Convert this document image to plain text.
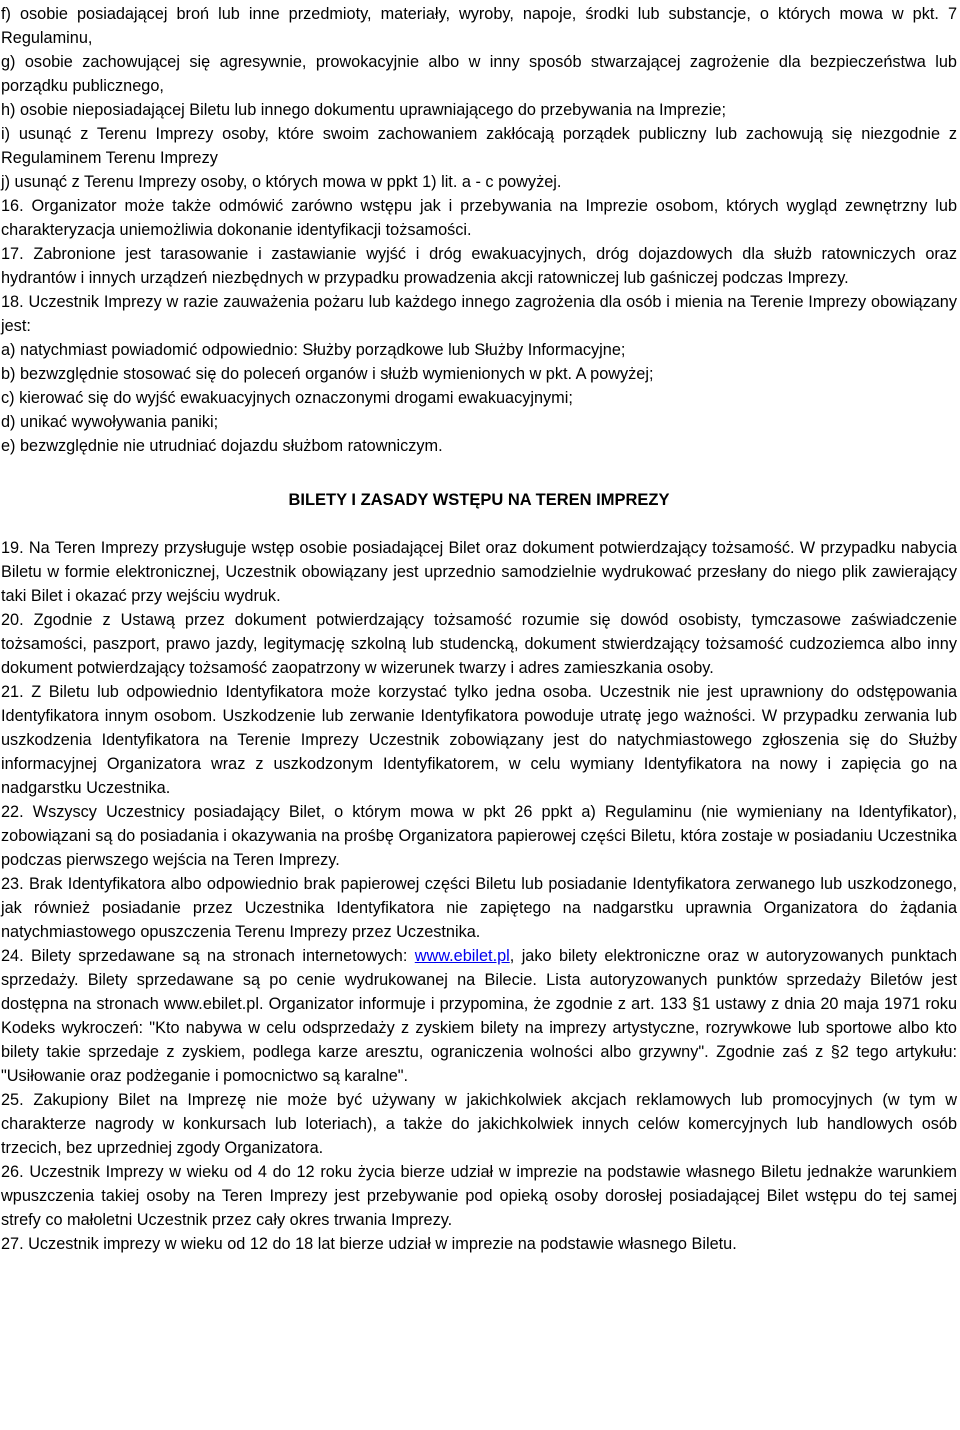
f) osobie posiadającej broń lub inne przedmioty, materiały, wyroby, napoje, środki lub substancje, o których mowa w pkt. 7 Regulaminu,

g) osobie zachowującej się agresywnie, prowokacyjnie albo w inny sposób stwarzającej zagrożenie dla bezpieczeństwa lub porządku publicznego,

h) osobie nieposiadającej Biletu lub innego dokumentu uprawniającego do przebywania na Imprezie;

i) usunąć z Terenu Imprezy osoby, które swoim zachowaniem zakłócają porządek publiczny lub zachowują się niezgodnie z Regulaminem Terenu Imprezy

j) usunąć z Terenu Imprezy osoby, o których mowa w ppkt 1) lit. a - c powyżej.

16. Organizator może także odmówić zarówno wstępu jak i przebywania na Imprezie osobom, których wygląd zewnętrzny lub charakteryzacja uniemożliwia dokonanie identyfikacji tożsamości.

17. Zabronione jest tarasowanie i zastawianie wyjść i dróg ewakuacyjnych, dróg dojazdowych dla służb ratowniczych oraz hydrantów i innych urządzeń niezbędnych w przypadku prowadzenia akcji ratowniczej lub gaśniczej podczas Imprezy.

18. Uczestnik Imprezy w razie zauważenia pożaru lub każdego innego zagrożenia dla osób i mienia na Terenie Imprezy obowiązany jest:

a) natychmiast powiadomić odpowiednio: Służby porządkowe lub Służby Informacyjne;

b) bezwzględnie stosować się do poleceń organów i służb wymienionych w pkt. A powyżej;

c) kierować się do wyjść ewakuacyjnych oznaczonymi drogami ewakuacyjnymi;

d) unikać wywoływania paniki;

e) bezwzględnie nie utrudniać dojazdu służbom ratowniczym.

BILETY I ZASADY WSTĘPU NA TEREN IMPREZY

19. Na Teren Imprezy przysługuje wstęp osobie posiadającej Bilet oraz dokument potwierdzający tożsamość. W przypadku nabycia Biletu w formie elektronicznej, Uczestnik obowiązany jest uprzednio samodzielnie wydrukować przesłany do niego plik zawierający taki Bilet i okazać przy wejściu wydruk.

20. Zgodnie z Ustawą przez dokument potwierdzający tożsamość rozumie się dowód osobisty, tymczasowe zaświadczenie tożsamości, paszport, prawo jazdy, legitymację szkolną lub studencką, dokument stwierdzający tożsamość cudzoziemca albo inny dokument potwierdzający tożsamość zaopatrzony w wizerunek twarzy i adres zamieszkania osoby.

21. Z Biletu lub odpowiednio Identyfikatora może korzystać tylko jedna osoba. Uczestnik nie jest uprawniony do odstępowania Identyfikatora innym osobom. Uszkodzenie lub zerwanie Identyfikatora powoduje utratę jego ważności. W przypadku zerwania lub uszkodzenia Identyfikatora na Terenie Imprezy Uczestnik zobowiązany jest do natychmiastowego zgłoszenia się do Służby informacyjnej Organizatora wraz z uszkodzonym Identyfikatorem, w celu wymiany Identyfikatora na nowy i zapięcia go na nadgarstku Uczestnika.

22. Wszyscy Uczestnicy posiadający Bilet, o którym mowa w pkt 26 ppkt a) Regulaminu (nie wymieniany na Identyfikator), zobowiązani są do posiadania i okazywania na prośbę Organizatora papierowej części Biletu, która zostaje w posiadaniu Uczestnika podczas pierwszego wejścia na Teren Imprezy.

23. Brak Identyfikatora albo odpowiednio brak papierowej części Biletu lub posiadanie Identyfikatora zerwanego lub uszkodzonego, jak również posiadanie przez Uczestnika Identyfikatora nie zapiętego na nadgarstku uprawnia Organizatora do żądania natychmiastowego opuszczenia Terenu Imprezy przez Uczestnika.

24. Bilety sprzedawane są na stronach internetowych: www.ebilet.pl, jako bilety elektroniczne oraz w autoryzowanych punktach sprzedaży. Bilety sprzedawane są po cenie wydrukowanej na Bilecie. Lista autoryzowanych punktów sprzedaży Biletów jest dostępna na stronach www.ebilet.pl. Organizator informuje i przypomina, że zgodnie z art. 133 §1 ustawy z dnia 20 maja 1971 roku Kodeks wykroczeń: "Kto nabywa w celu odsprzedaży z zyskiem bilety na imprezy artystyczne, rozrywkowe lub sportowe albo kto bilety takie sprzedaje z zyskiem, podlega karze aresztu, ograniczenia wolności albo grzywny". Zgodnie zaś z §2 tego artykułu: "Usiłowanie oraz podżeganie i pomocnictwo są karalne".

25. Zakupiony Bilet na Imprezę nie może być używany w jakichkolwiek akcjach reklamowych lub promocyjnych (w tym w charakterze nagrody w konkursach lub loteriach), a także do jakichkolwiek innych celów komercyjnych lub handlowych osób trzecich, bez uprzedniej zgody Organizatora.

26. Uczestnik Imprezy w wieku od 4 do 12 roku życia bierze udział w imprezie na podstawie własnego Biletu jednakże warunkiem wpuszczenia takiej osoby na Teren Imprezy jest przebywanie pod opieką osoby dorosłej posiadającej Bilet wstępu do tej samej strefy co małoletni Uczestnik przez cały okres trwania Imprezy.

27. Uczestnik imprezy w wieku od 12 do 18 lat bierze udział w imprezie na podstawie własnego Biletu.
